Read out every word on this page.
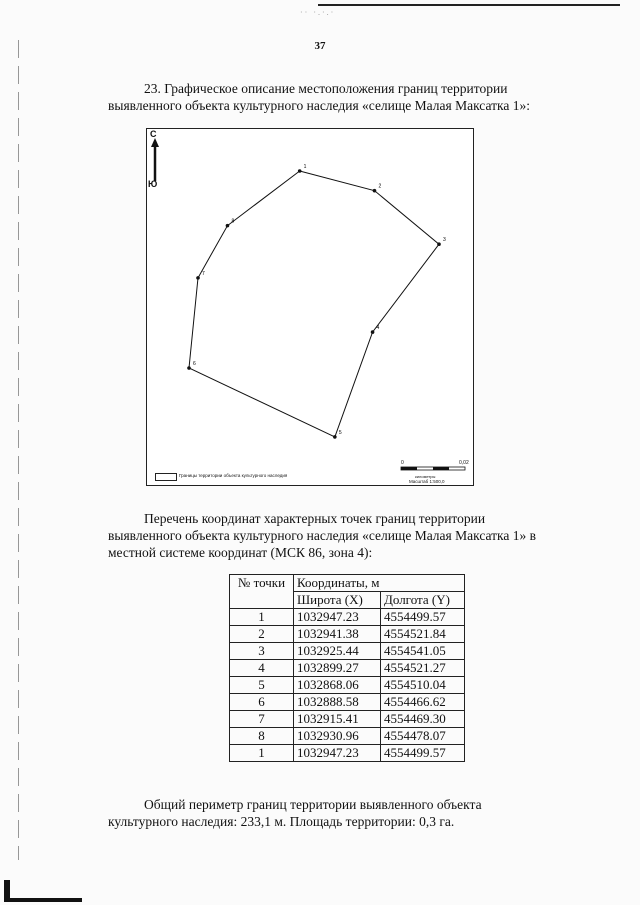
·· ·.·.·
37
23. Графическое описание местоположения границ территории
выявленного объекта культурного наследия «селище Малая Максатка 1»:
1
2
3
4
5
6
7
8
С
Ю
Границы территории объекта культурного наследия
0	0,02
километры
Масштаб 1:500,0
Перечень координат характерных точек границ территории
выявленного объекта культурного наследия «селище Малая Максатка 1» в
местной системе координат (МСК 86, зона 4):
№ точки	Координаты, м	
	Широта (X)	Долгота (Y)
1	1032947.23	4554499.57
2	1032941.38	4554521.84
3	1032925.44	4554541.05
4	1032899.27	4554521.27
5	1032868.06	4554510.04
6	1032888.58	4554466.62
7	1032915.41	4554469.30
8	1032930.96	4554478.07
1	1032947.23	4554499.57
Общий периметр границ территории выявленного объекта
культурного наследия: 233,1 м. Площадь территории: 0,3 га.
